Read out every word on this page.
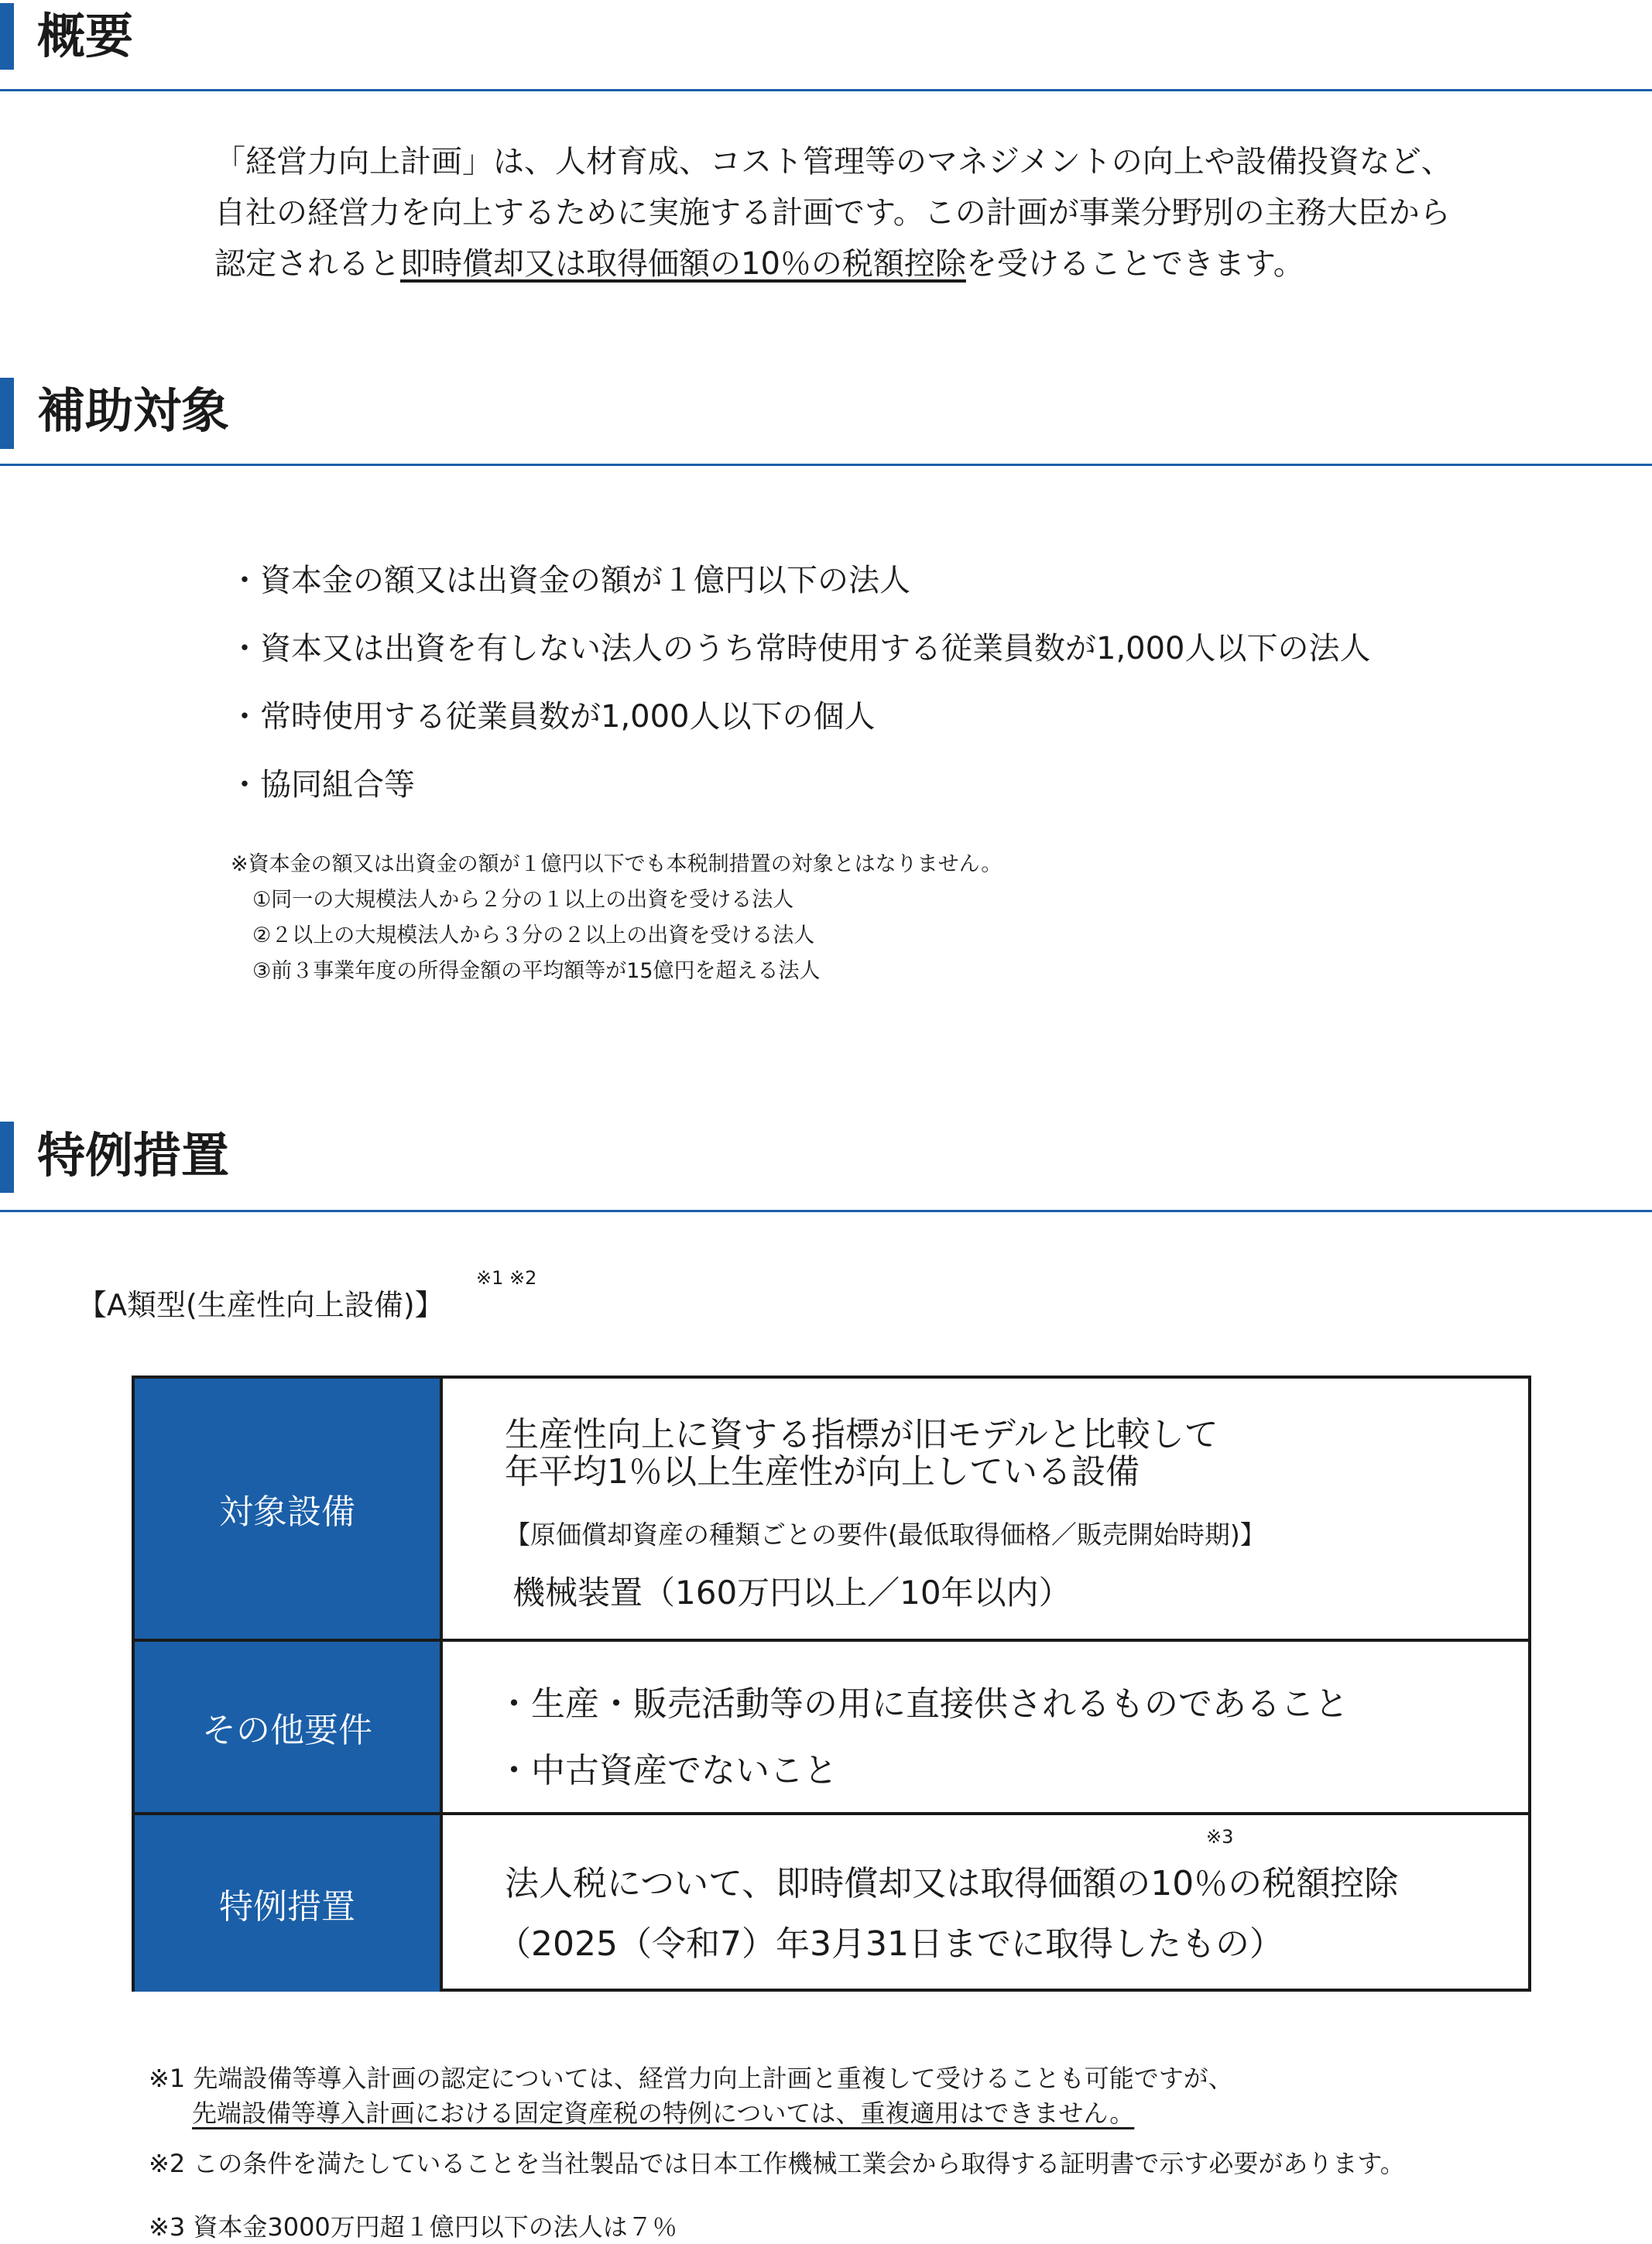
概要
「経営力向上計画」は、人材育成、コスト管理等のマネジメントの向上や設備投資など、
自社の経営力を向上するために実施する計画です。この計画が事業分野別の主務大臣から
認定されると即時償却又は取得価額の10％の税額控除を受けることできます。
補助対象
・ 資本金の額又は出資金の額が１億円以下の法人
・ 資本又は出資を有しない法人のうち常時使用する従業員数が1,000人以下の法人
・ 常時使用する従業員数が1,000人以下の個人
・ 協同組合等
※資本金の額又は出資金の額が１億円以下でも本税制措置の対象とはなりません。
①同一の大規模法人から２分の１以上の出資を受ける法人
②２以上の大規模法人から３分の２以上の出資を受ける法人
③前３事業年度の所得金額の平均額等が15億円を超える法人
特例措置
【A類型(生産性向上設備)】
※1 ※2
対象設備
生産性向上に資する指標が旧モデルと比較して
年平均1％以上生産性が向上している設備
【原価償却資産の種類ごとの要件(最低取得価格／販売開始時期)】
機械装置（160万円以上／10年以内）
その他要件
・生産・販売活動等の用に直接供されるものであること
・中古資産でないこと
特例措置
※3
法人税について、即時償却又は取得価額の10％の税額控除
（2025（令和7）年3月31日までに取得したもの）
※1 先端設備等導入計画の認定については、経営力向上計画と重複して受けることも可能ですが、
先端設備等導入計画における固定資産税の特例については、重複適用はできません。
※2 この条件を満たしていることを当社製品では日本工作機械工業会から取得する証明書で示す必要があります。
※3 資本金3000万円超１億円以下の法人は７％
